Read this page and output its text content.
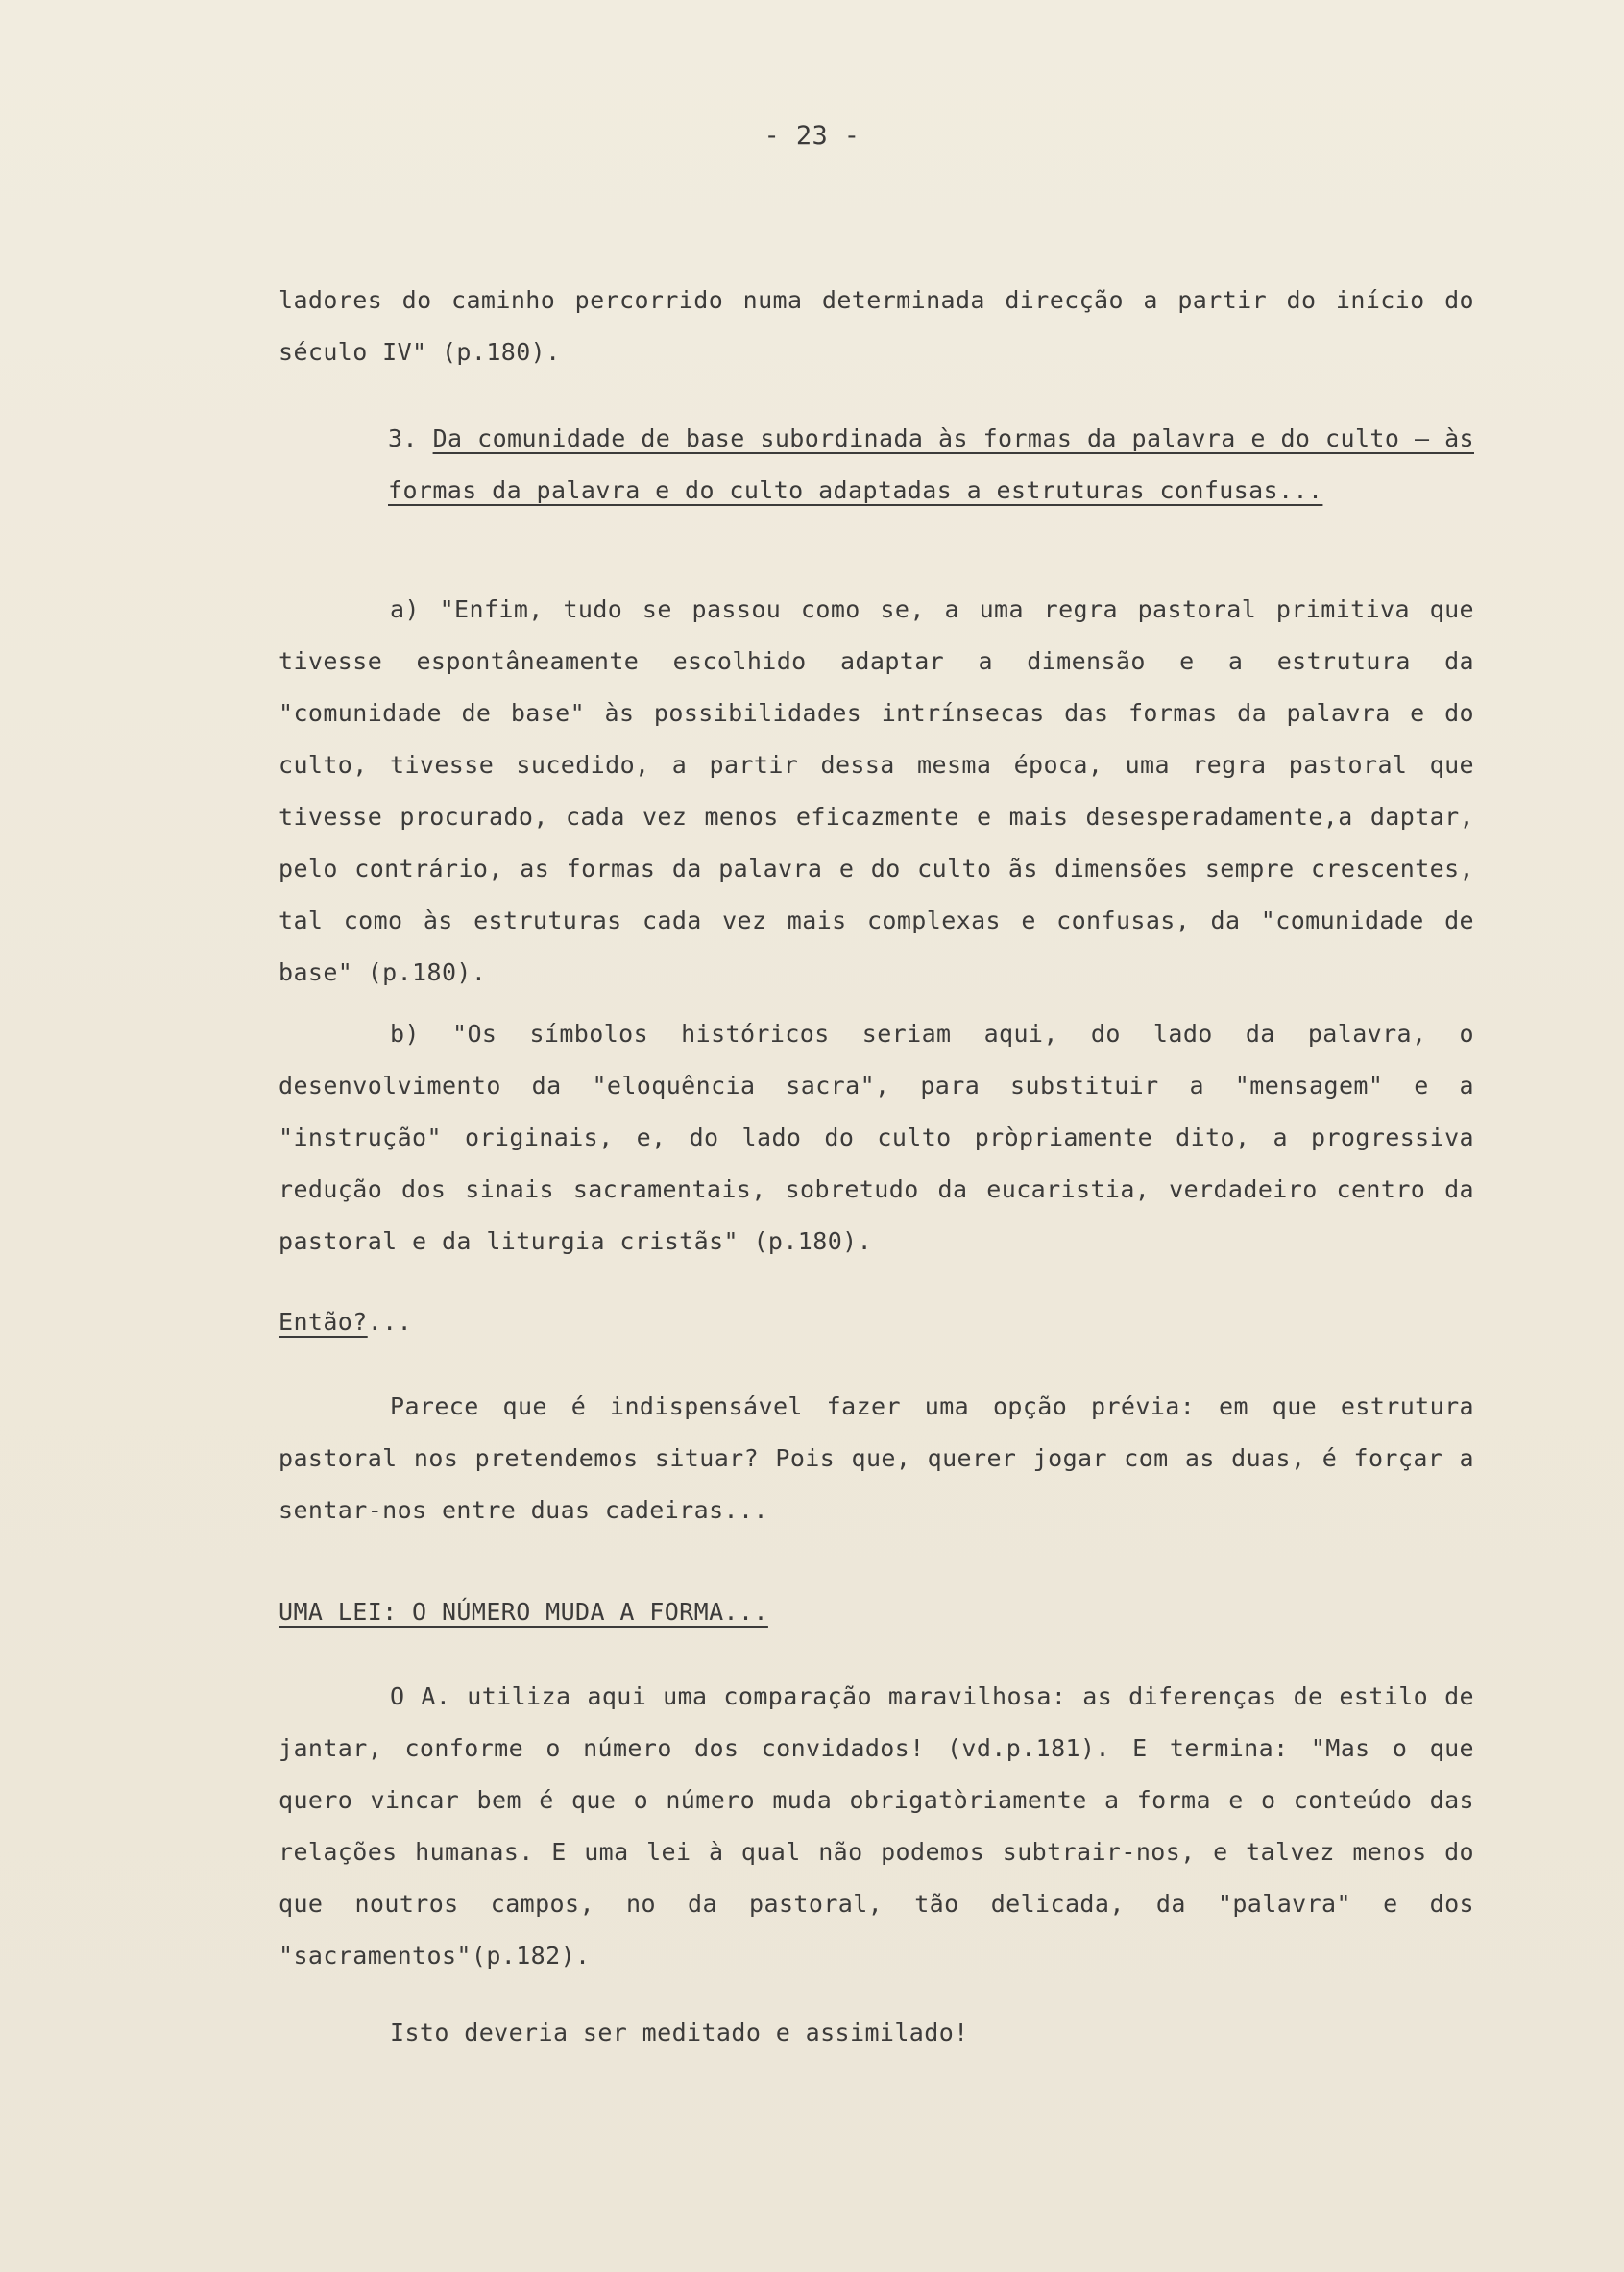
- 23 -

ladores do caminho percorrido numa determinada direcção a partir do início do século IV" (p.180).

3. Da comunidade de base subordinada às formas da palavra e do culto — às formas da palavra e do culto adaptadas a estruturas confusas...

a) "Enfim, tudo se passou como se, a uma regra pastoral primitiva que tivesse espontâneamente escolhido adaptar a dimensão e a estrutura da "comunidade de base" às possibilidades intrínsecas das formas da palavra e do culto, tivesse sucedido, a partir dessa mesma época, uma regra pastoral que tivesse procurado, cada vez menos eficazmente e mais desesperadamente,a daptar, pelo contrário, as formas da palavra e do culto ãs dimensões sempre crescentes, tal como às estruturas cada vez mais complexas e confusas, da "comunidade de base" (p.180).

b) "Os símbolos históricos seriam aqui, do lado da palavra, o desenvolvimento da "eloquência sacra", para substituir a "mensagem" e a "instrução" originais, e, do lado do culto pròpriamente dito, a progressiva redução dos sinais sacramentais, sobretudo da eucaristia, verdadeiro centro da pastoral e da liturgia cristãs" (p.180).

Então?...

Parece que é indispensável fazer uma opção prévia: em que estrutura pastoral nos pretendemos situar? Pois que, querer jogar com as duas, é forçar a sentar-nos entre duas cadeiras...

UMA LEI: O NÚMERO MUDA A FORMA...

O A. utiliza aqui uma comparação maravilhosa: as diferenças de estilo de jantar, conforme o número dos convidados! (vd.p.181). E termina: "Mas o que quero vincar bem é que o número muda obrigatòriamente a forma e o conteúdo das relações humanas. E uma lei à qual não podemos subtrair-nos, e talvez menos do que noutros campos, no da pastoral, tão delicada, da "palavra" e dos "sacramentos"(p.182).

Isto deveria ser meditado e assimilado!
